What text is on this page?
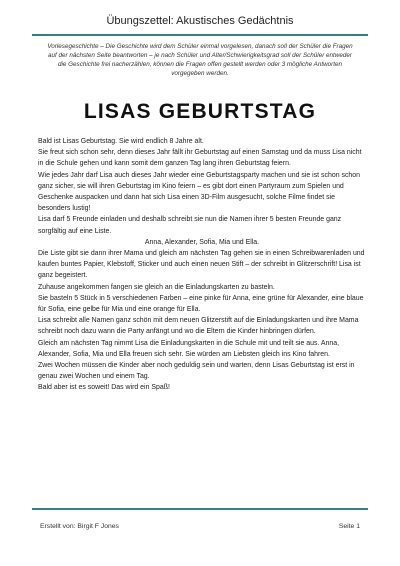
Übungszettel: Akustisches Gedächtnis
Vorlesegeschichte – Die Geschichte wird dem Schüler einmal vorgelesen, danach soll der Schüler die Fragen auf der nächsten Seite beantworten – je nach Schüler und Alter/Schwierigkeitsgrad soll der Schüler entweder die Geschichte frei nacherzählen, können die Fragen offen gestellt werden oder 3 mögliche Antworten vorgegeben werden.
LISAS GEBURTSTAG

Bald ist Lisas Geburtstag. Sie wird endlich 8 Jahre alt.

Sie freut sich schon sehr, denn dieses Jahr fällt ihr Geburtstag auf einen Samstag und da muss Lisa nicht in die Schule gehen und kann somit dem ganzen Tag lang ihren Geburtstag feiern.

Wie jedes Jahr darf Lisa auch dieses Jahr wieder eine Geburtstagsparty machen und sie ist schon schon ganz sicher, sie will ihren Geburtstag im Kino feiern – es gibt dort einen Partyraum zum Spielen und Geschenke auspacken und dann hat sich Lisa einen 3D-Film ausgesucht, solche Filme findet sie besonders lustig!

Lisa darf 5 Freunde einladen und deshalb schreibt sie nun die Namen ihrer 5 besten Freunde ganz sorgfältig auf eine Liste.

Anna, Alexander, Sofia, Mia und Ella.

Die Liste gibt sie dann ihrer Mama und gleich am nächsten Tag gehen sie in einen Schreibwarenladen und kaufen buntes Papier, Klebstoff, Sticker und auch einen neuen Stift – der schreibt in Glitzerschrift! Lisa ist ganz begeistert.

Zuhause angekommen fangen sie gleich an die Einladungskarten zu basteln.

Sie basteln 5 Stück in 5 verschiedenen Farben – eine pinke für Anna, eine grüne für Alexander, eine blaue für Sofia, eine gelbe für Mia und eine orange für Ella.

Lisa schreibt alle Namen ganz schön mit dem neuen Glitzerstift auf die Einladungskarten und ihre Mama schreibt noch dazu wann die Party anfängt und wo die Eltern die Kinder hinbringen dürfen.

Gleich am nächsten Tag nimmt Lisa die Einladungskarten in die Schule mit und teilt sie aus. Anna, Alexander, Sofia, Mia und Ella freuen sich sehr. Sie würden am Liebsten gleich ins Kino fahren.

Zwei Wochen müssen die Kinder aber noch geduldig sein und warten, denn Lisas Geburtstag ist erst in genau zwei Wochen und einem Tag.

Bald aber ist es soweit! Das wird ein Spaß!

Erstellt von: Birgit F Jones	Seite 1
